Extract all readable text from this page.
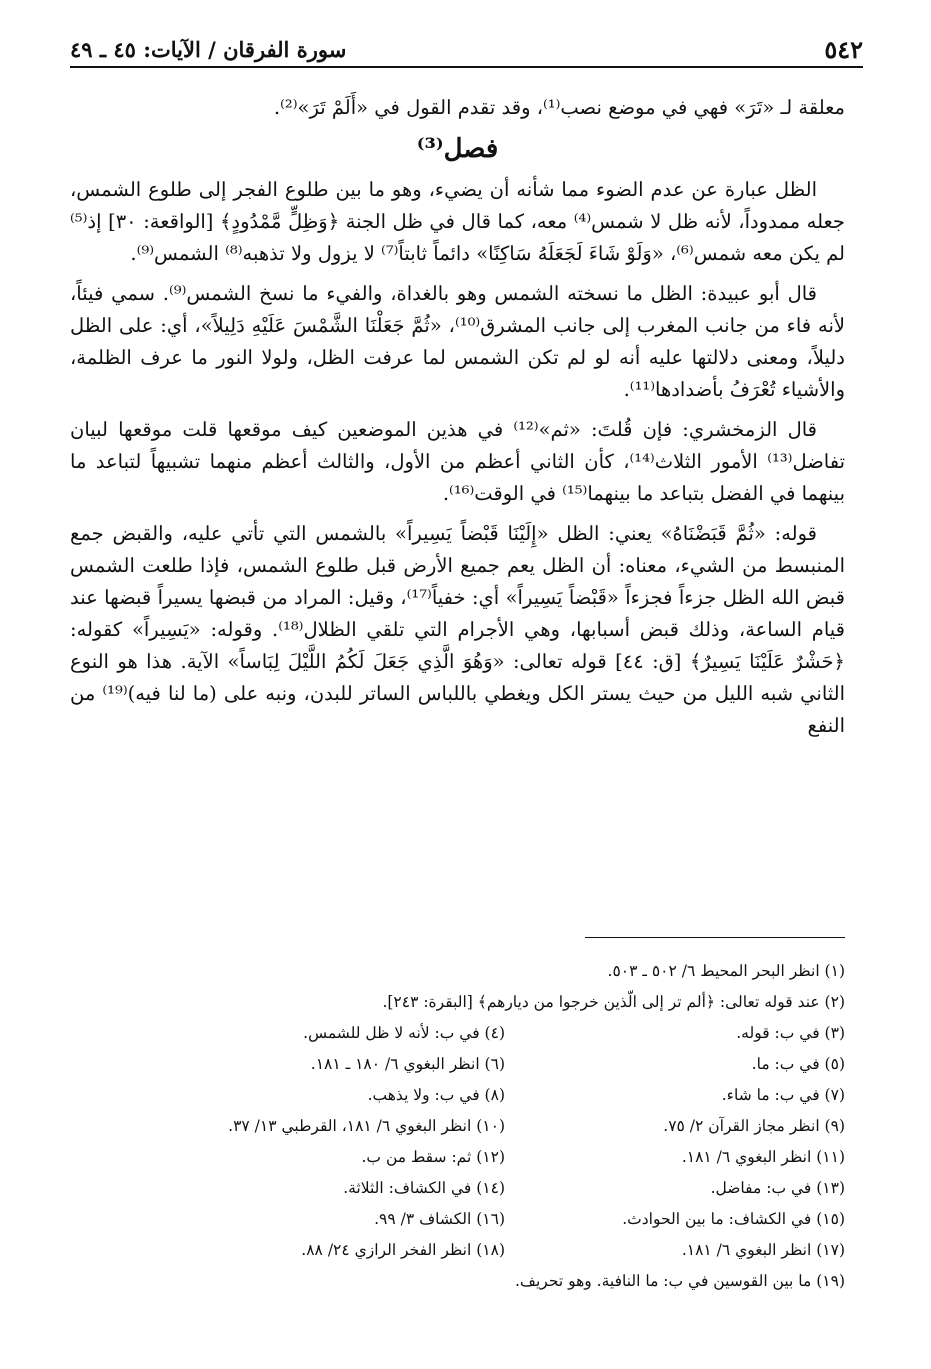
٥٤٢
سورة الفرقان / الآيات: ٤٥ ـ ٤٩

معلقة لـ «تَرَ» فهي في موضع نصب⁽¹⁾، وقد تقدم القول في «أَلَمْ تَرَ»⁽²⁾.

فصل⁽³⁾

الظل عبارة عن عدم الضوء مما شأنه أن يضيء، وهو ما بين طلوع الفجر إلى طلوع الشمس، جعله ممدوداً، لأنه ظل لا شمس⁽⁴⁾ معه، كما قال في ظل الجنة ﴿وَظِلٍّ مَّمْدُودٍ﴾ [الواقعة: ٣٠] إذ⁽⁵⁾ لم يكن معه شمس⁽⁶⁾، «وَلَوْ شَاءَ لَجَعَلَهُ سَاكِنًا» دائماً ثابتاً⁽⁷⁾ لا يزول ولا تذهبه⁽⁸⁾ الشمس⁽⁹⁾.

قال أبو عبيدة: الظل ما نسخته الشمس وهو بالغداة، والفيء ما نسخ الشمس⁽⁹⁾. سمي فيئاً، لأنه فاء من جانب المغرب إلى جانب المشرق⁽¹⁰⁾، «ثُمَّ جَعَلْنَا الشَّمْسَ عَلَيْهِ دَلِيلاً»، أي: على الظل دليلاً، ومعنى دلالتها عليه أنه لو لم تكن الشمس لما عرفت الظل، ولولا النور ما عرف الظلمة، والأشياء تُعْرَفُ بأضدادها⁽¹¹⁾.

قال الزمخشري: فإن قُلتَ: «ثم»⁽¹²⁾ في هذين الموضعين كيف موقعها قلت موقعها لبيان تفاضل⁽¹³⁾ الأمور الثلاث⁽¹⁴⁾، كأن الثاني أعظم من الأول، والثالث أعظم منهما تشبيهاً لتباعد ما بينهما في الفضل بتباعد ما بينهما⁽¹⁵⁾ في الوقت⁽¹⁶⁾.

قوله: «ثُمَّ قَبَضْنَاهُ» يعني: الظل «إِلَيْنَا قَبْضاً يَسِيراً» بالشمس التي تأتي عليه، والقبض جمع المنبسط من الشيء، معناه: أن الظل يعم جميع الأرض قبل طلوع الشمس، فإذا طلعت الشمس قبض الله الظل جزءاً فجزءاً «قَبْضاً يَسِيراً» أي: خفياً⁽¹⁷⁾، وقيل: المراد من قبضها يسيراً قبضها عند قيام الساعة، وذلك قبض أسبابها، وهي الأجرام التي تلقي الظلال⁽¹⁸⁾. وقوله: «يَسِيراً» كقوله: ﴿حَشْرٌ عَلَيْنَا يَسِيرٌ﴾ [ق: ٤٤] قوله تعالى: «وَهُوَ الَّذِي جَعَلَ لَكُمُ اللَّيْلَ لِبَاساً» الآية. هذا هو النوع الثاني شبه الليل من حيث يستر الكل ويغطي باللباس الساتر للبدن، ونبه على (ما لنا فيه)⁽¹⁹⁾ من النفع

(١) انظر البحر المحيط ٦/ ٥٠٢ ـ ٥٠٣.
(٢) عند قوله تعالى: ﴿ألم تر إلى الّذين خرجوا من ديارهم﴾ [البقرة: ٢٤٣].
(٣) في ب: قوله.
(٤) في ب: لأنه لا ظل للشمس.
(٥) في ب: ما.
(٦) انظر البغوي ٦/ ١٨٠ ـ ١٨١.
(٧) في ب: ما شاء.
(٨) في ب: ولا يذهب.
(٩) انظر مجاز القرآن ٢/ ٧٥.
(١٠) انظر البغوي ٦/ ١٨١، القرطبي ١٣/ ٣٧.
(١١) انظر البغوي ٦/ ١٨١.
(١٢) ثم: سقط من ب.
(١٣) في ب: مفاضل.
(١٤) في الكشاف: الثلاثة.
(١٥) في الكشاف: ما بين الحوادث.
(١٦) الكشاف ٣/ ٩٩.
(١٧) انظر البغوي ٦/ ١٨١.
(١٨) انظر الفخر الرازي ٢٤/ ٨٨.
(١٩) ما بين القوسين في ب: ما النافية. وهو تحريف.
